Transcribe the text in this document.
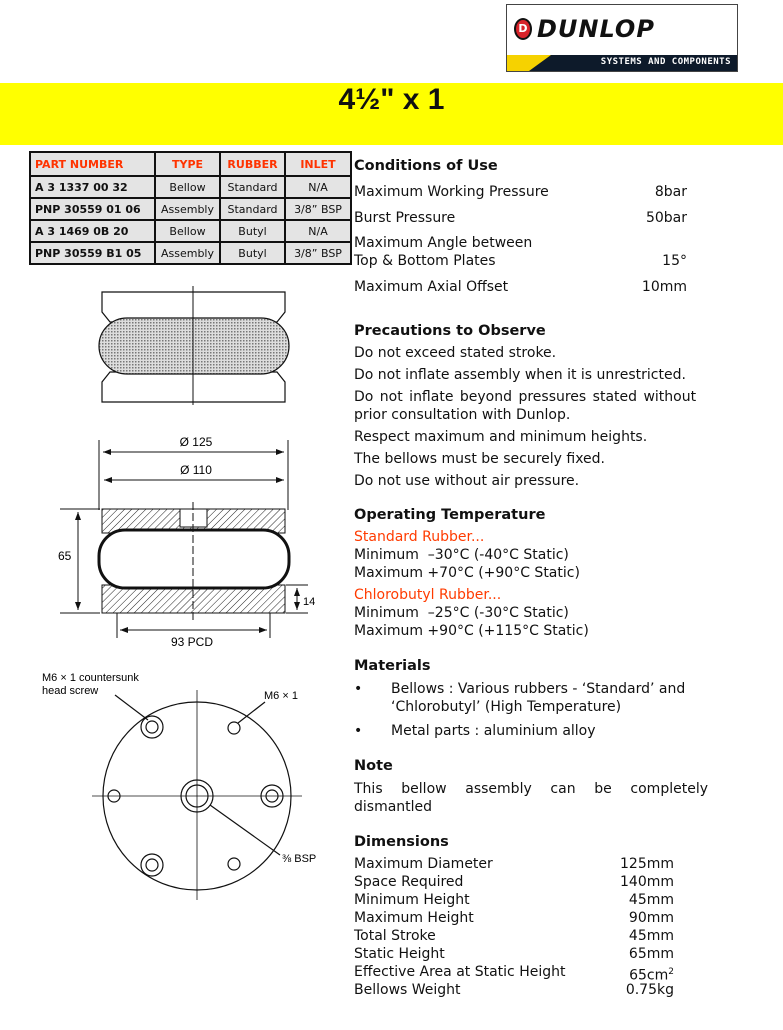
D DUNLOP
SYSTEMS AND COMPONENTS
4½" x 1
PART NUMBER	TYPE	RUBBER	INLET
A 3 1337 00 32	Bellow	Standard	N/A
PNP 30559 01 06	Assembly	Standard	3/8” BSP
A 3 1469 0B 20	Bellow	Butyl	N/A
PNP 30559 B1 05	Assembly	Butyl	3/8” BSP
Ø 125
Ø 110
65
14
93 PCD
M6 × 1 countersunk
head screw	M6 × 1
⅜ BSP
Conditions of Use
Maximum Working Pressure	8bar
Burst Pressure	50bar
Maximum Angle between
Top & Bottom Plates	15°
Maximum Axial Offset	10mm
Precautions to Observe
Do not exceed stated stroke.
Do not inflate assembly when it is unrestricted.
Do not inflate beyond pressures stated without
prior consultation with Dunlop.
Respect maximum and minimum heights.
The bellows must be securely fixed.
Do not use without air pressure.
Operating Temperature
Standard Rubber...
Minimum  –30°C (-40°C Static)
Maximum +70°C (+90°C Static)
Chlorobutyl Rubber...
Minimum  –25°C (-30°C Static)
Maximum +90°C (+115°C Static)
Materials
• Bellows : Various rubbers - ‘Standard’ and ‘Chlorobutyl’ (High Temperature)
• Metal parts : aluminium alloy
Note
This bellow assembly can be completely dismantled
Dimensions
Maximum Diameter	125mm
Space Required	140mm
Minimum Height	45mm
Maximum Height	90mm
Total Stroke	45mm
Static Height	65mm
Effective Area at Static Height	$65cm^2$
Bellows Weight	0.75kg
